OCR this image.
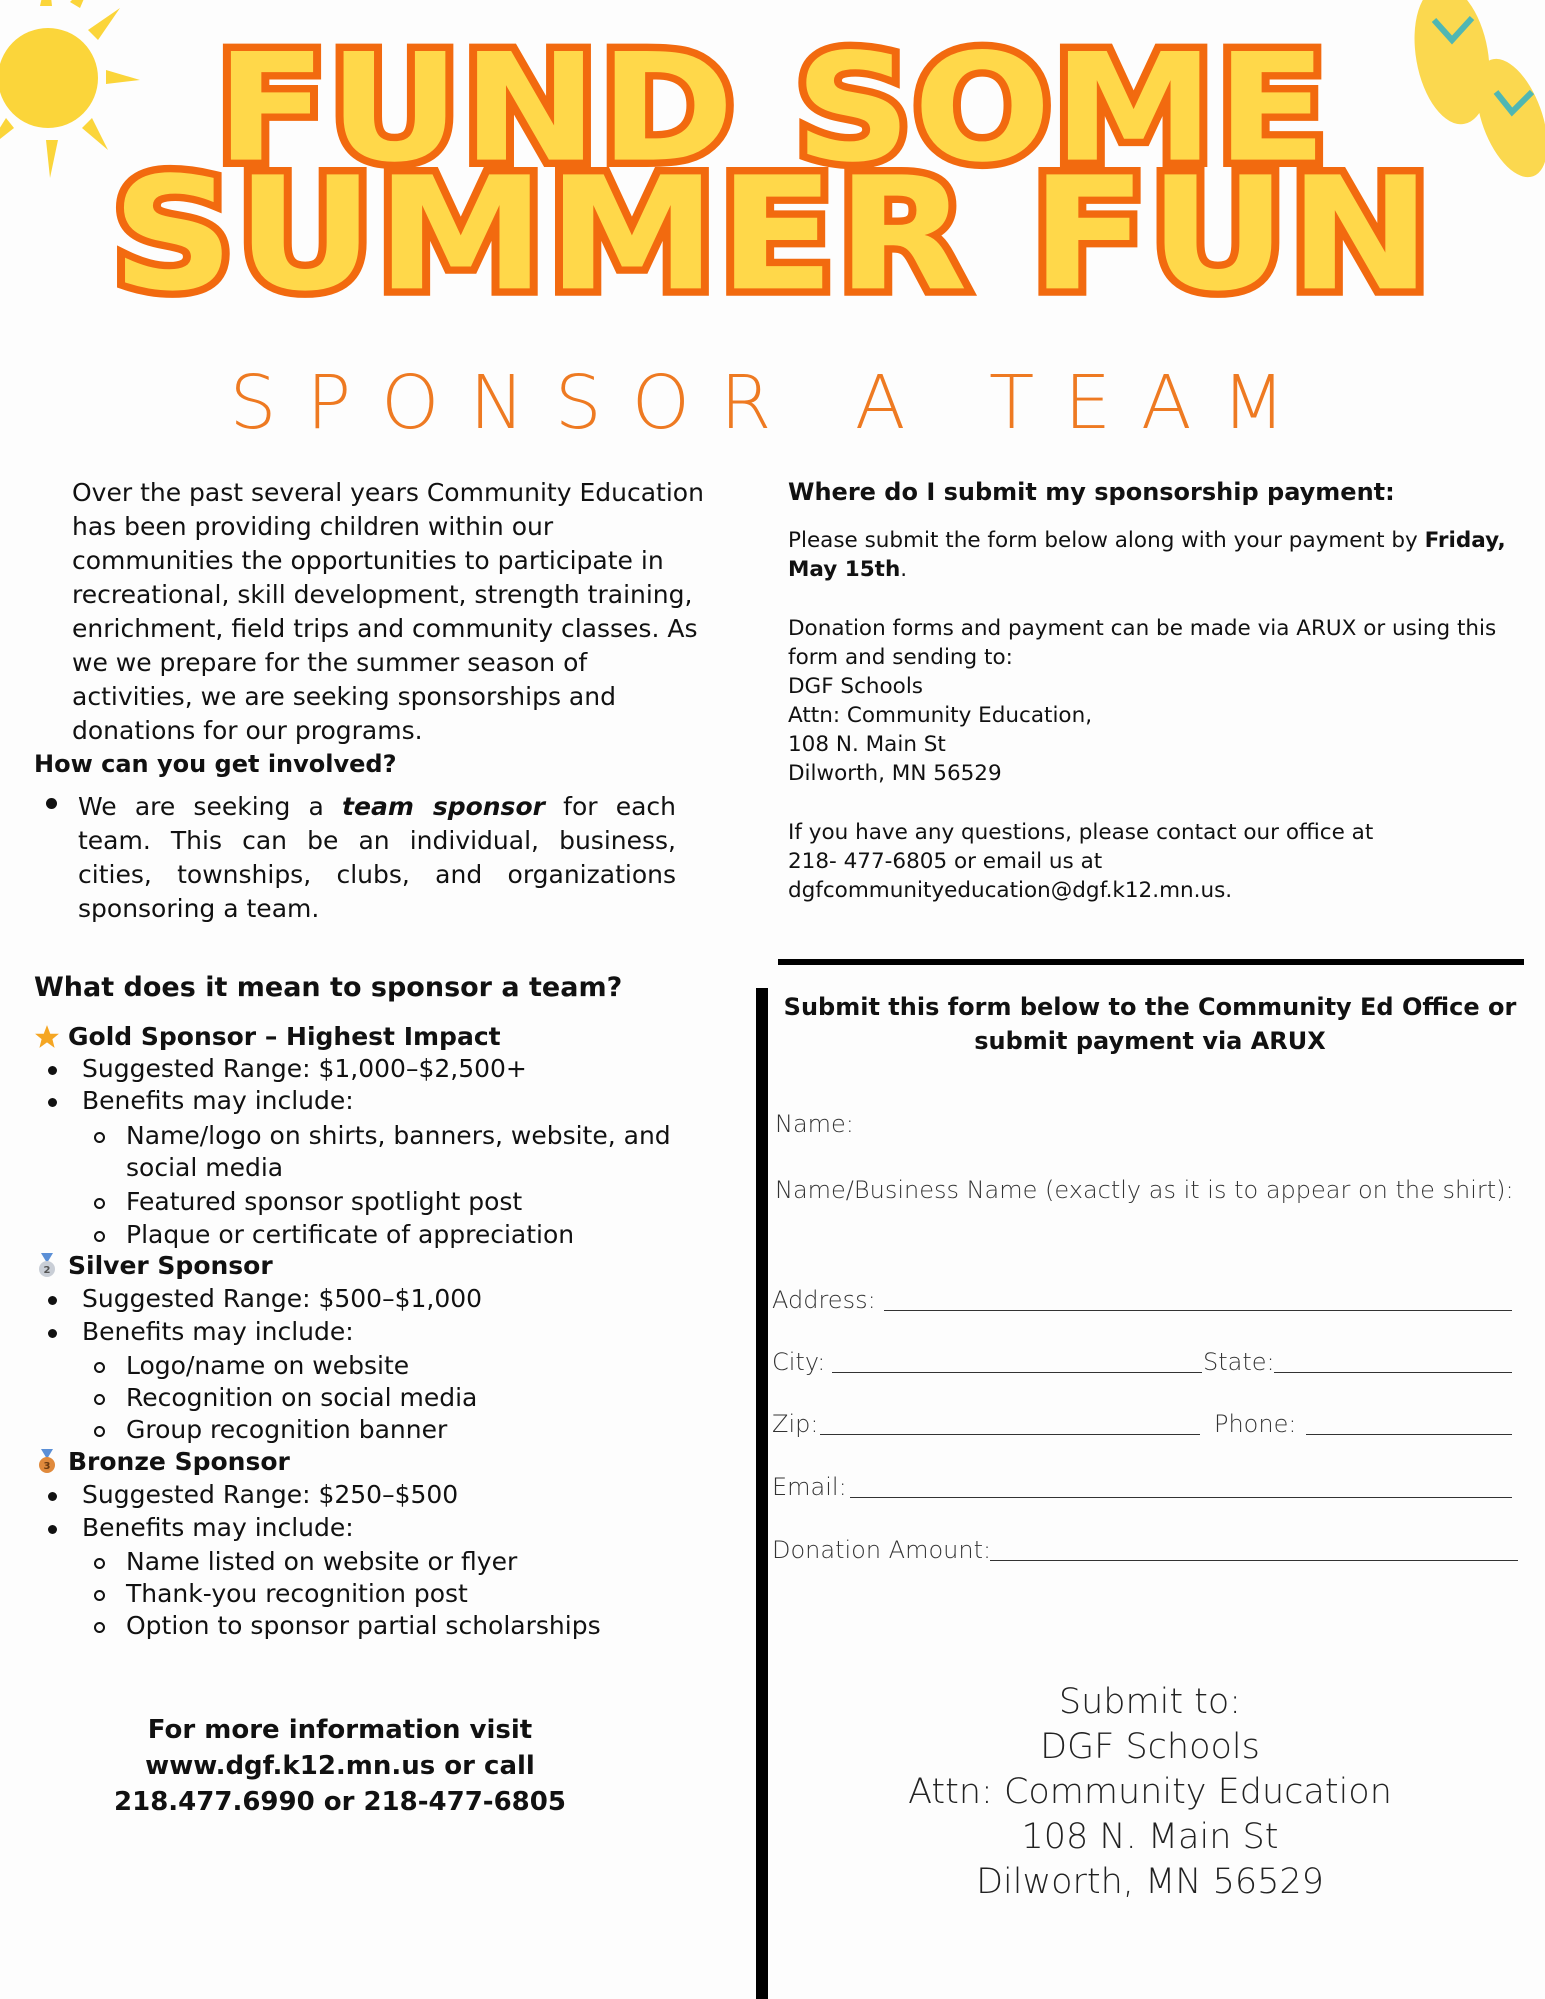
FUND SOME
SUMMER FUN
SPONSOR A TEAM
Over the past several years Community Education has been providing children within our communities the opportunities to participate in recreational, skill development, strength training, enrichment, field trips and community classes. As we we prepare for the summer season of activities, we are seeking sponsorships and donations for our programs.
How can you get involved?
We are seeking a team sponsor for each team. This can be an individual, business, cities, townships, clubs, and organizations sponsoring a team.
What does it mean to sponsor a team?
Gold Sponsor – Highest Impact
Suggested Range: $1,000–$2,500+
Benefits may include:
Name/logo on shirts, banners, website, and social media
Featured sponsor spotlight post
Plaque or certificate of appreciation
2 Silver Sponsor
Suggested Range: $500–$1,000
Benefits may include:
Logo/name on website
Recognition on social media
Group recognition banner
3 Bronze Sponsor
Suggested Range: $250–$500
Benefits may include:
Name listed on website or flyer
Thank-you recognition post
Option to sponsor partial scholarships
For more information visit
www.dgf.k12.mn.us or call
218.477.6990 or 218-477-6805
Where do I submit my sponsorship payment:
Please submit the form below along with your payment by Friday, May 15th.
Donation forms and payment can be made via ARUX or using this
form and sending to:
DGF Schools
Attn: Community Education,
108 N. Main St
Dilworth, MN 56529
If you have any questions, please contact our office at
218- 477-6805 or email us at
dgfcommunityeducation@dgf.k12.mn.us.
Submit this form below to the Community Ed Office or
submit payment via ARUX
Name:
Name/Business Name (exactly as it is to appear on the shirt):
Address:
City:	State:
Zip:	Phone:
Email:
Donation Amount:
Submit to:
DGF Schools
Attn: Community Education
108 N. Main St
Dilworth, MN 56529
